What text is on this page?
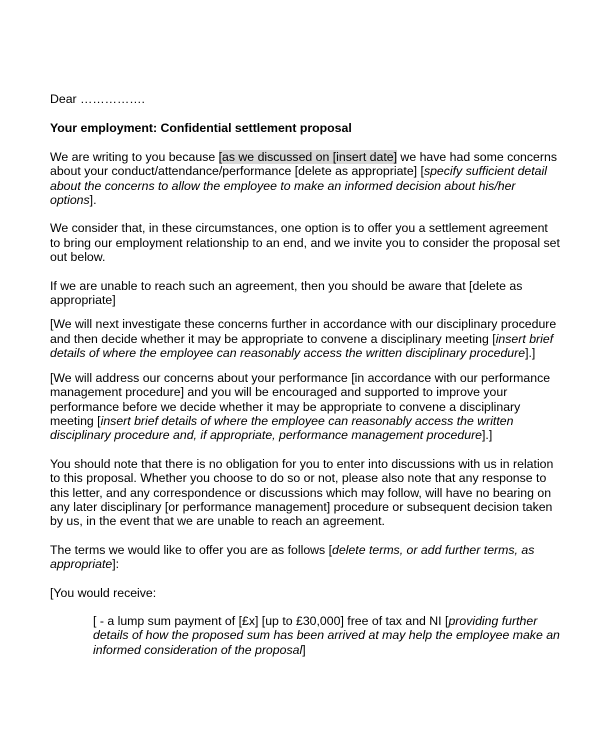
Dear …………….

Your employment: Confidential settlement proposal

We are writing to you because [as we discussed on [insert date] we have had some concerns about your conduct/attendance/performance [delete as appropriate] [specify sufficient detail about the concerns to allow the employee to make an informed decision about his/her options].

We consider that, in these circumstances, one option is to offer you a settlement agreement to bring our employment relationship to an end, and we invite you to consider the proposal set out below.

If we are unable to reach such an agreement, then you should be aware that [delete as appropriate]

[We will next investigate these concerns further in accordance with our disciplinary procedure and then decide whether it may be appropriate to convene a disciplinary meeting [insert brief details of where the employee can reasonably access the written disciplinary procedure].]

[We will address our concerns about your performance [in accordance with our performance management procedure] and you will be encouraged and supported to improve your performance before we decide whether it may be appropriate to convene a disciplinary meeting [insert brief details of where the employee can reasonably access the written disciplinary procedure and, if appropriate, performance management procedure].]

You should note that there is no obligation for you to enter into discussions with us in relation to this proposal. Whether you choose to do so or not, please also note that any response to this letter, and any correspondence or discussions which may follow, will have no bearing on any later disciplinary [or performance management] procedure or subsequent decision taken by us, in the event that we are unable to reach an agreement.

The terms we would like to offer you are as follows [delete terms, or add further terms, as appropriate]:

[You would receive:

[ - a lump sum payment of [£x] [up to £30,000] free of tax and NI [providing further details of how the proposed sum has been arrived at may help the employee make an informed consideration of the proposal]
